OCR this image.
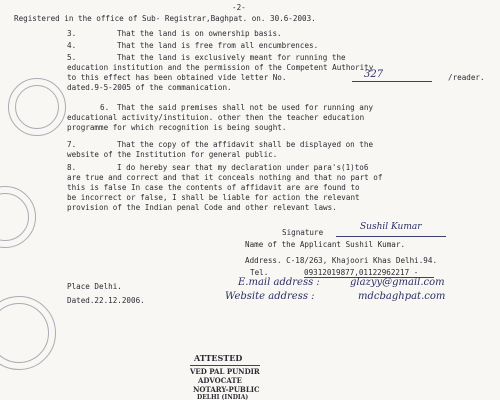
-2-
Registered in the office of Sub- Registrar,Baghpat. on. 30.6-2003.
3.	That the land is on ownership basis.
4.	That the land is free from all encumbrences.
5.	That the land is exclusively meant for running the
education institution and the permission of the Competent Authority
to this effect has been obtained vide letter No.	327	/reader.
dated.9-5-2005 of the commanication.
6. That the said premises shall not be used for running any
educational activity/instituion. other then the teacher education
programme for which recognition is being sought.
7.	That the copy of the affidavit shall be displayed on the
website of the Institution for general public.
8.	I do hereby sear that my declaration under para's(1)to6
are true and correct and that it conceals nothing and that no part of
this is false In case the contents of affidavit are are found to
be incorrect or false, I shall be liable for action the relevant
provision of the Indian penal Code and other relevant laws.
Signature
Sushil Kumar
Name of the Applicant Sushil Kumar.
Address. C-18/263, Khajoori Khas Delhi.94.
Tel.	09312019877,01122962217 -
Place Delhi.	E.mail address :	glazyy@gmail.com
Dated.22.12.2006.	Website address :	mdcbaghpat.com
ATTESTED
VED PAL PUNDIR
ADVOCATE
NOTARY-PUBLIC
DELHI (INDIA)
